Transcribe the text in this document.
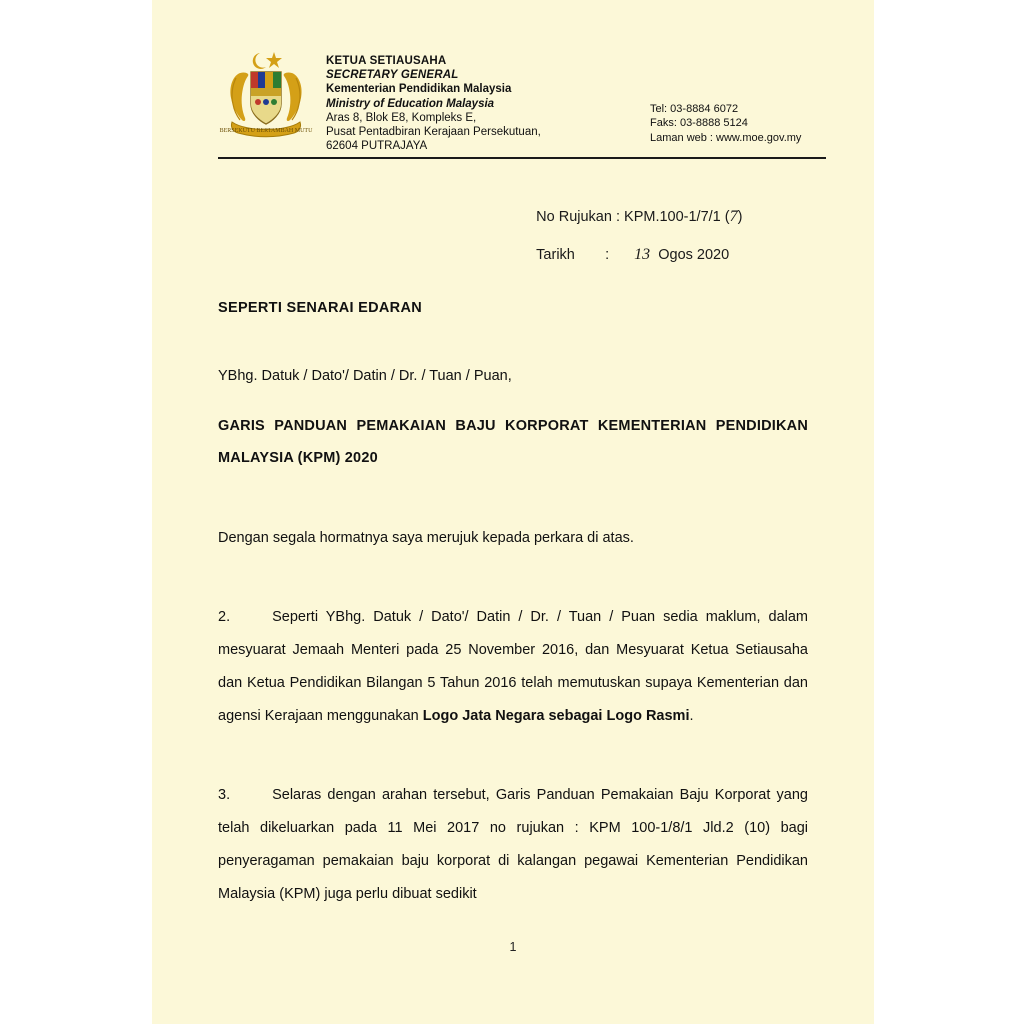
BERSEKUTU BERTAMBAH MUTU
KETUA SETIAUSAHA
SECRETARY GENERAL
Kementerian Pendidikan Malaysia
Ministry of Education Malaysia
Aras 8, Blok E8, Kompleks E,
Pusat Pentadbiran Kerajaan Persekutuan,
62604 PUTRAJAYA
Tel: 03-8884 6072
Faks: 03-8888 5124
Laman web : www.moe.gov.my

No Rujukan : KPM.100-1/7/1 (7)

Tarikh : 13 Ogos 2020

SEPERTI SENARAI EDARAN
YBhg. Datuk / Dato'/ Datin / Dr. / Tuan / Puan,
GARIS PANDUAN PEMAKAIAN BAJU KORPORAT KEMENTERIAN PENDIDIKAN MALAYSIA (KPM) 2020
Dengan segala hormatnya saya merujuk kepada perkara di atas.
2.	Seperti YBhg. Datuk / Dato'/ Datin / Dr. / Tuan / Puan sedia maklum, dalam mesyuarat Jemaah Menteri pada 25 November 2016, dan Mesyuarat Ketua Setiausaha dan Ketua Pendidikan Bilangan 5 Tahun 2016 telah memutuskan supaya Kementerian dan agensi Kerajaan menggunakan Logo Jata Negara sebagai Logo Rasmi.
3.	Selaras dengan arahan tersebut, Garis Panduan Pemakaian Baju Korporat yang telah dikeluarkan pada 11 Mei 2017 no rujukan : KPM 100-1/8/1 Jld.2 (10) bagi penyeragaman pemakaian baju korporat di kalangan pegawai Kementerian Pendidikan Malaysia (KPM) juga perlu dibuat sedikit
1
